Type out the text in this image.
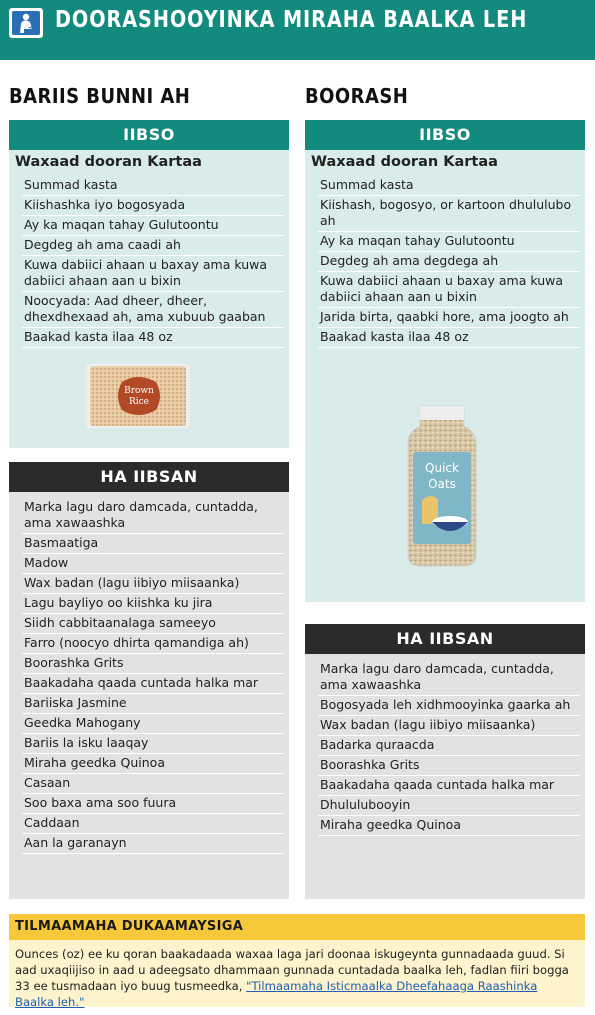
DOORASHOOYINKA MIRAHA BAALKA LEH
BARIIS BUNNI AH
IIBSO
Waxaad dooran Kartaa
Summad kasta
Kiishashka iyo bogosyada
Ay ka maqan tahay Gulutoontu
Degdeg ah ama caadi ah
Kuwa dabiici ahaan u baxay ama kuwa dabiici ahaan aan u bixin
Noocyada: Aad dheer, dheer, dhexdhexaad ah, ama xubuub gaaban
Baakad kasta ilaa 48 oz
Brown
Rice
HA IIBSAN
Marka lagu daro damcada, cuntadda, ama xawaashka
Basmaatiga
Madow
Wax badan (lagu iibiyo miisaanka)
Lagu bayliyo oo kiishka ku jira
Siidh cabbitaanalaga sameeyo
Farro (noocyo dhirta qamandiga ah)
Boorashka Grits
Baakadaha qaada cuntada halka mar
Bariiska Jasmine
Geedka Mahogany
Bariis la isku laaqay
Miraha geedka Quinoa
Casaan
Soo baxa ama soo fuura
Caddaan
Aan la garanayn
BOORASH
IIBSO
Waxaad dooran Kartaa
Summad kasta
Kiishash, bogosyo, or kartoon dhululubo ah
Ay ka maqan tahay Gulutoontu
Degdeg ah ama degdega ah
Kuwa dabiici ahaan u baxay ama kuwa dabiici ahaan aan u bixin
Jarida birta, qaabki hore, ama joogto ah
Baakad kasta ilaa 48 oz
Quick
Oats
HA IIBSAN
Marka lagu daro damcada, cuntadda, ama xawaashka
Bogosyada leh xidhmooyinka gaarka ah
Wax badan (lagu iibiyo miisaanka)
Badarka quraacda
Boorashka Grits
Baakadaha qaada cuntada halka mar
Dhululubooyin
Miraha geedka Quinoa
TILMAAMAHA DUKAAMAYSIGA

Ounces (oz) ee ku qoran baakadaada waxaa laga jari doonaa iskugeynta gunnadaada guud. Si aad uxaqiijiso in aad u adeegsato dhammaan gunnada cuntadada baalka leh, fadlan fiiri bogga 33 ee tusmadaan iyo buug tusmeedka, "Tilmaamaha Isticmaalka Dheefahaaga Raashinka Baalka leh."
